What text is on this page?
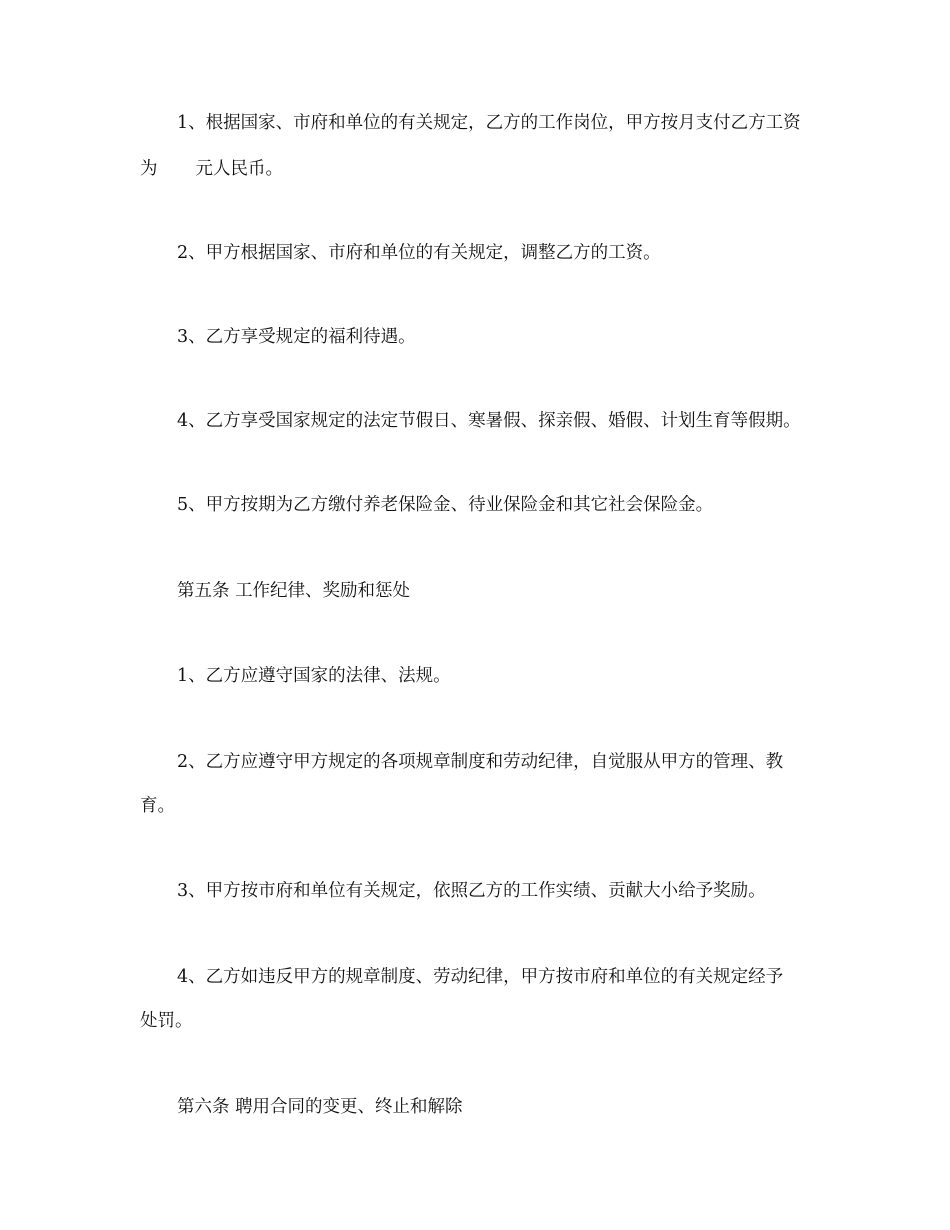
1、根据国家、市府和单位的有关规定，乙方的工作岗位，甲方按月支付乙方工资
为 元人民币。
2、甲方根据国家、市府和单位的有关规定，调整乙方的工资。
3、乙方享受规定的福利待遇。
4、乙方享受国家规定的法定节假日、寒暑假、探亲假、婚假、计划生育等假期。
5、甲方按期为乙方缴付养老保险金、待业保险金和其它社会保险金。
第五条 工作纪律、奖励和惩处
1、乙方应遵守国家的法律、法规。
2、乙方应遵守甲方规定的各项规章制度和劳动纪律，自觉服从甲方的管理、教
育。
3、甲方按市府和单位有关规定，依照乙方的工作实绩、贡献大小给予奖励。
4、乙方如违反甲方的规章制度、劳动纪律，甲方按市府和单位的有关规定经予
处罚。
第六条 聘用合同的变更、终止和解除
